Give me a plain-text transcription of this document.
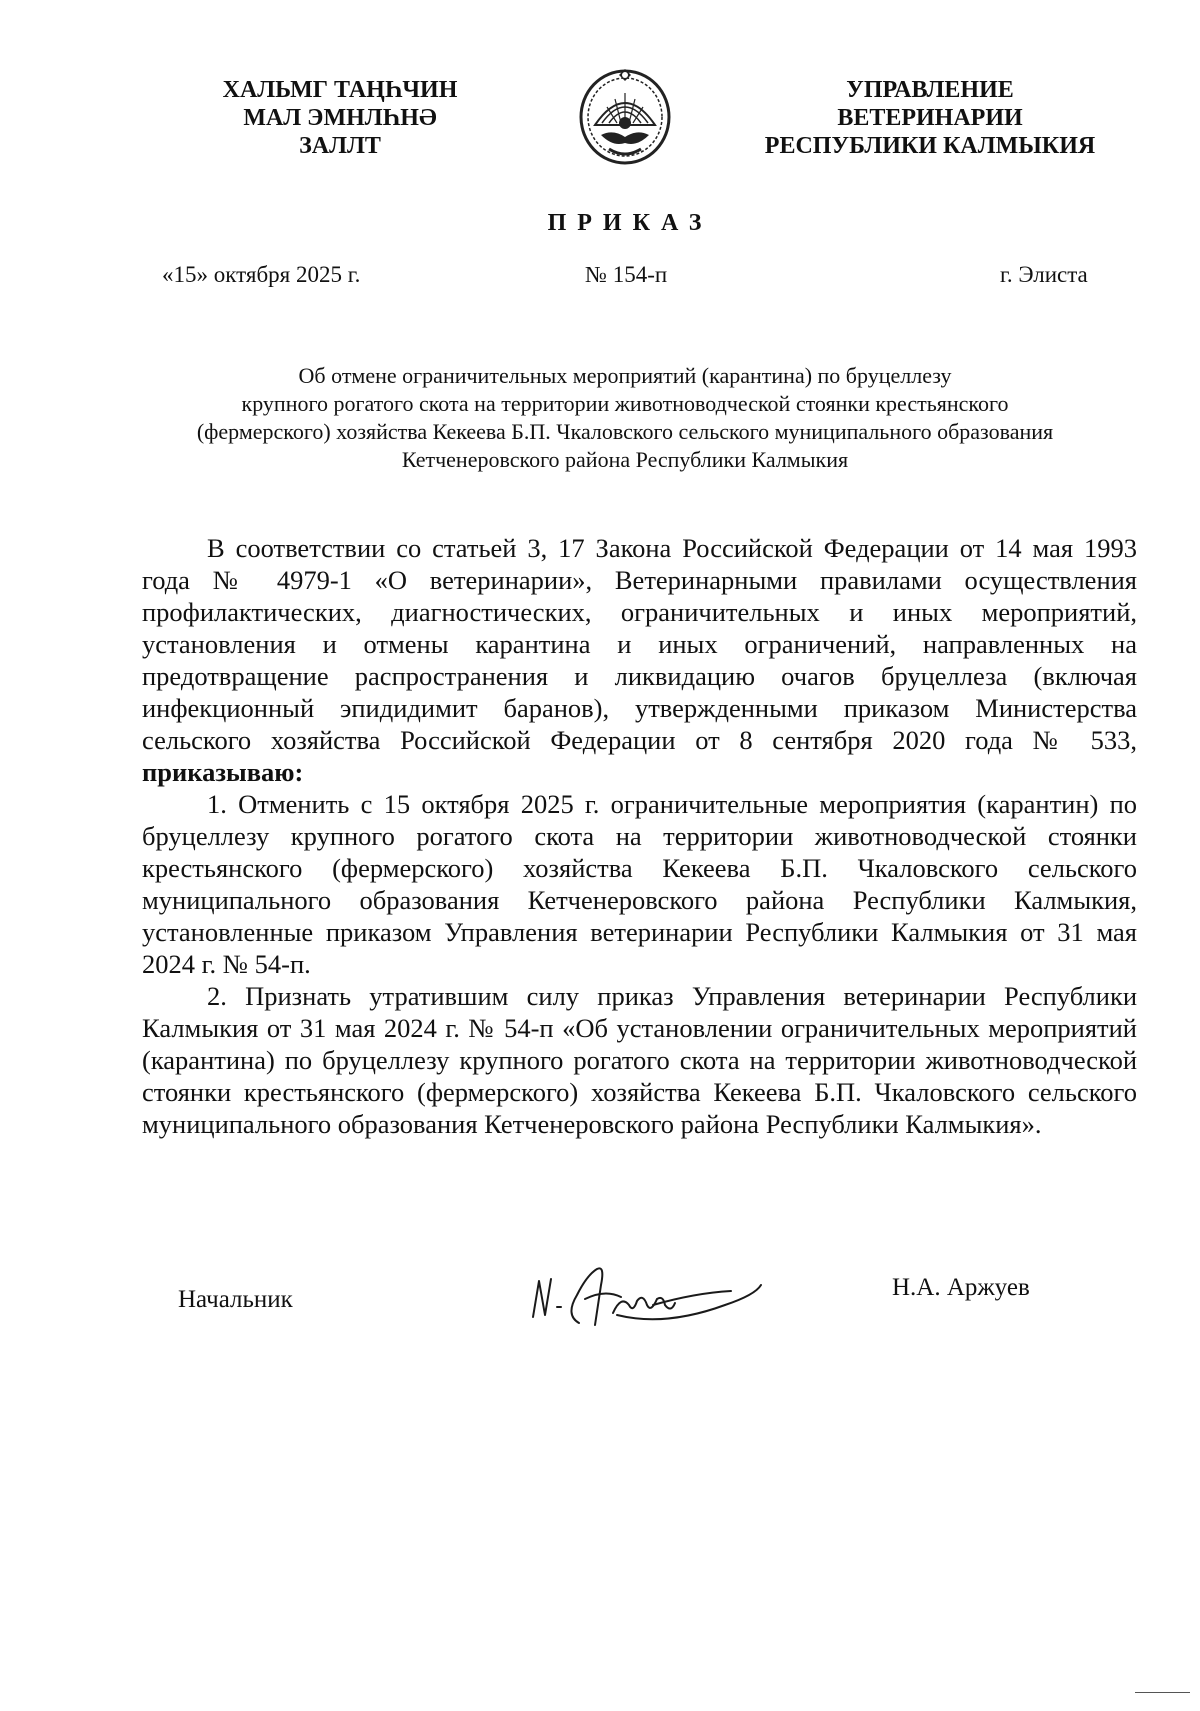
ХАЛЬМГ ТАҢҺЧИН
МАЛ ЭМНЛҺНӘ
ЗАЛЛТ
УПРАВЛЕНИЕ
ВЕТЕРИНАРИИ
РЕСПУБЛИКИ КАЛМЫКИЯ
ПРИКАЗ
«15» октября 2025 г.	№ 154-п	г. Элиста
Об отмене ограничительных мероприятий (карантина) по бруцеллезу
крупного рогатого скота на территории животноводческой стоянки крестьянского
(фермерского) хозяйства Кекеева Б.П. Чкаловского сельского муниципального образования
Кетченеровского района Республики Калмыкия

В соответствии со статьей 3, 17 Закона Российской Федерации от 14 мая 1993 года № 4979-1 «О ветеринарии», Ветеринарными правилами осуществления профилактических, диагностических, ограничительных и иных мероприятий, установления и отмены карантина и иных ограничений, направленных на предотвращение распространения и ликвидацию очагов бруцеллеза (включая инфекционный эпидидимит баранов), утвержденными приказом Министерства сельского хозяйства Российской Федерации от 8 сентября 2020 года № 533, приказываю:

1. Отменить с 15 октября 2025 г. ограничительные мероприятия (карантин) по бруцеллезу крупного рогатого скота на территории животноводческой стоянки крестьянского (фермерского) хозяйства Кекеева Б.П. Чкаловского сельского муниципального образования Кетченеровского района Республики Калмыкия, установленные приказом Управления ветеринарии Республики Калмыкия от 31 мая 2024 г. № 54-п.

2. Признать утратившим силу приказ Управления ветеринарии Республики Калмыкия от 31 мая 2024 г. № 54-п «Об установлении ограничительных мероприятий (карантина) по бруцеллезу крупного рогатого скота на территории животноводческой стоянки крестьянского (фермерского) хозяйства Кекеева Б.П. Чкаловского сельского муниципального образования Кетченеровского района Республики Калмыкия».

Начальник	Н.А. Аржуев
